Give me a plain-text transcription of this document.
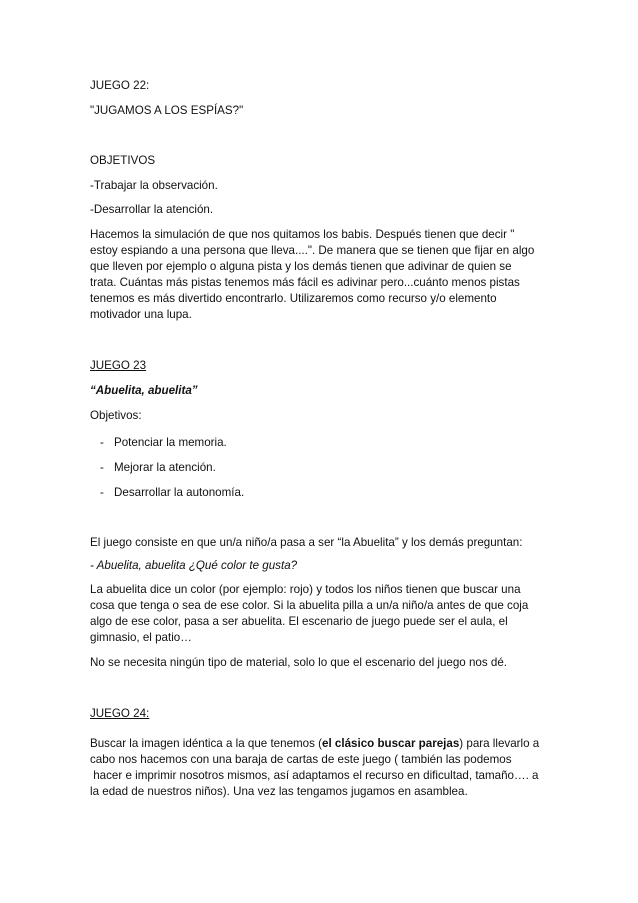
JUEGO 22:

"JUGAMOS A LOS ESPÍAS?"

OBJETIVOS

-Trabajar la observación.

-Desarrollar la atención.

Hacemos la simulación de que nos quitamos los babis. Después tienen que decir "

estoy espiando a una persona que lleva....". De manera que se tienen que fijar en algo

que lleven por ejemplo o alguna pista y los demás tienen que adivinar de quien se

trata. Cuántas más pistas tenemos más fácil es adivinar pero...cuánto menos pistas

tenemos es más divertido encontrarlo. Utilizaremos como recurso y/o elemento

motivador una lupa.

JUEGO 23

“Abuelita, abuelita”

Objetivos:

- Potenciar la memoria.
- Mejorar la atención.
- Desarrollar la autonomía.

El juego consiste en que un/a niño/a pasa a ser “la Abuelita” y los demás preguntan:

- Abuelita, abuelita ¿Qué color te gusta?

La abuelita dice un color (por ejemplo: rojo) y todos los niños tienen que buscar una

cosa que tenga o sea de ese color. Si la abuelita pilla a un/a niño/a antes de que coja

algo de ese color, pasa a ser abuelita. El escenario de juego puede ser el aula, el

gimnasio, el patio…

No se necesita ningún tipo de material, solo lo que el escenario del juego nos dé.

JUEGO 24:

Buscar la imagen idéntica a la que tenemos (el clásico buscar parejas) para llevarlo a

cabo nos hacemos con una baraja de cartas de este juego ( también las podemos

hacer e imprimir nosotros mismos, así adaptamos el recurso en dificultad, tamaño…. a

la edad de nuestros niños). Una vez las tengamos jugamos en asamblea.
